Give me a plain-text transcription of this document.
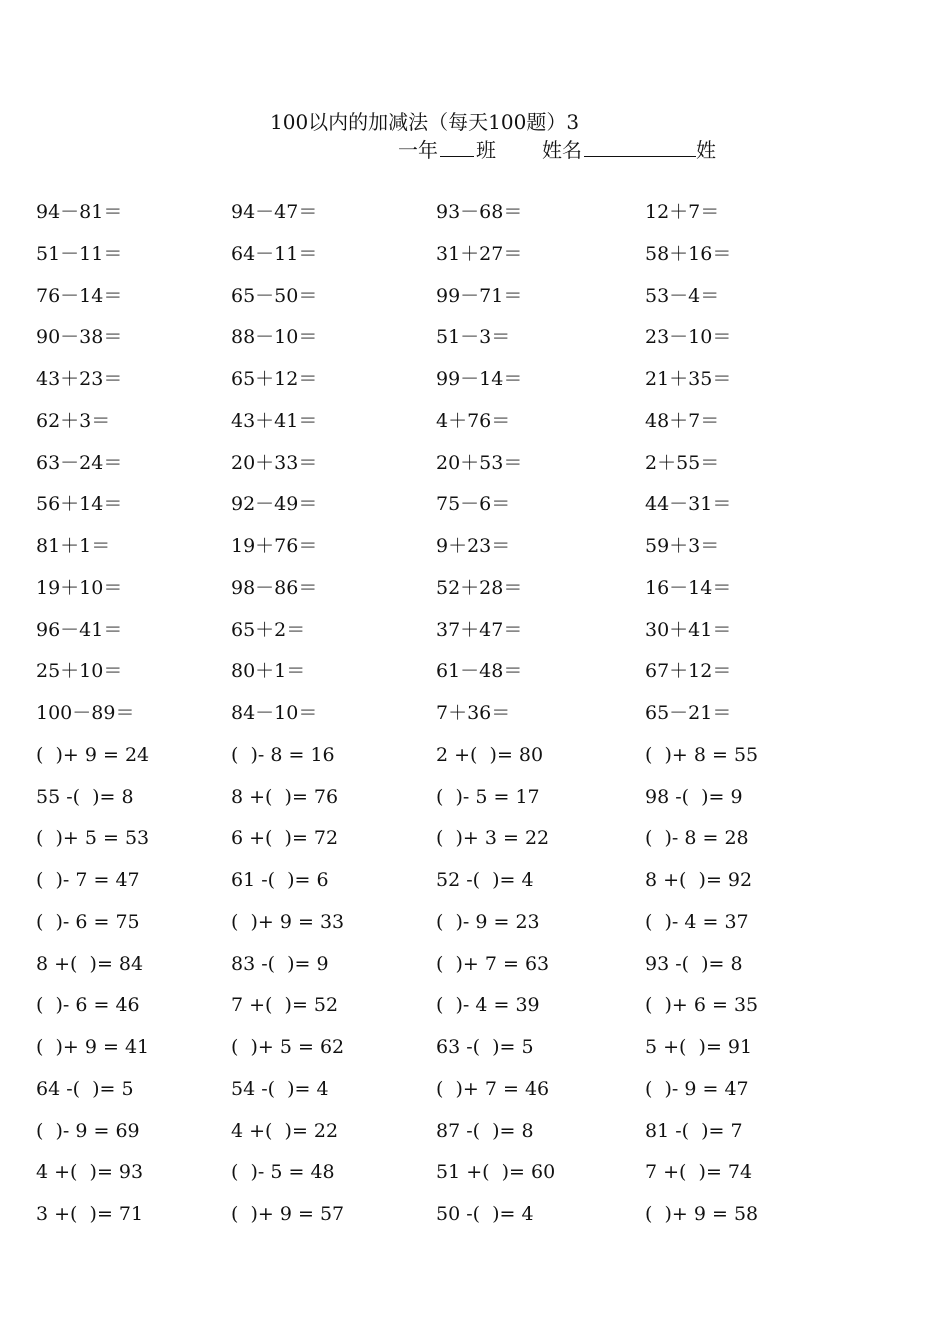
100以内的加减法（每天100题）3
一年 班 姓名	姓
94－81＝	94－47＝	93－68＝	12＋7＝
51－11＝	64－11＝	31＋27＝	58＋16＝
76－14＝	65－50＝	99－71＝	53－4＝
90－38＝	88－10＝	51－3＝	23－10＝
43＋23＝	65＋12＝	99－14＝	21＋35＝
62＋3＝	43＋41＝	4＋76＝	48＋7＝
63－24＝	20＋33＝	20＋53＝	2＋55＝
56＋14＝	92－49＝	75－6＝	44－31＝
81＋1＝	19＋76＝	9＋23＝	59＋3＝
19＋10＝	98－86＝	52＋28＝	16－14＝
96－41＝	65＋2＝	37＋47＝	30＋41＝
25＋10＝	80＋1＝	61－48＝	67＋12＝
100－89＝	84－10＝	7＋36＝	65－21＝
(  )+ 9 = 24	(  )- 8 = 16	2 +(  )= 80	(  )+ 8 = 55
55 -(  )= 8	8 +(  )= 76	(  )- 5 = 17	98 -(  )= 9
(  )+ 5 = 53	6 +(  )= 72	(  )+ 3 = 22	(  )- 8 = 28
(  )- 7 = 47	61 -(  )= 6	52 -(  )= 4	8 +(  )= 92
(  )- 6 = 75	(  )+ 9 = 33	(  )- 9 = 23	(  )- 4 = 37
8 +(  )= 84	83 -(  )= 9	(  )+ 7 = 63	93 -(  )= 8
(  )- 6 = 46	7 +(  )= 52	(  )- 4 = 39	(  )+ 6 = 35
(  )+ 9 = 41	(  )+ 5 = 62	63 -(  )= 5	5 +(  )= 91
64 -(  )= 5	54 -(  )= 4	(  )+ 7 = 46	(  )- 9 = 47
(  )- 9 = 69	4 +(  )= 22	87 -(  )= 8	81 -(  )= 7
4 +(  )= 93	(  )- 5 = 48	51 +(  )= 60	7 +(  )= 74
3 +(  )= 71	(  )+ 9 = 57	50 -(  )= 4	(  )+ 9 = 58
